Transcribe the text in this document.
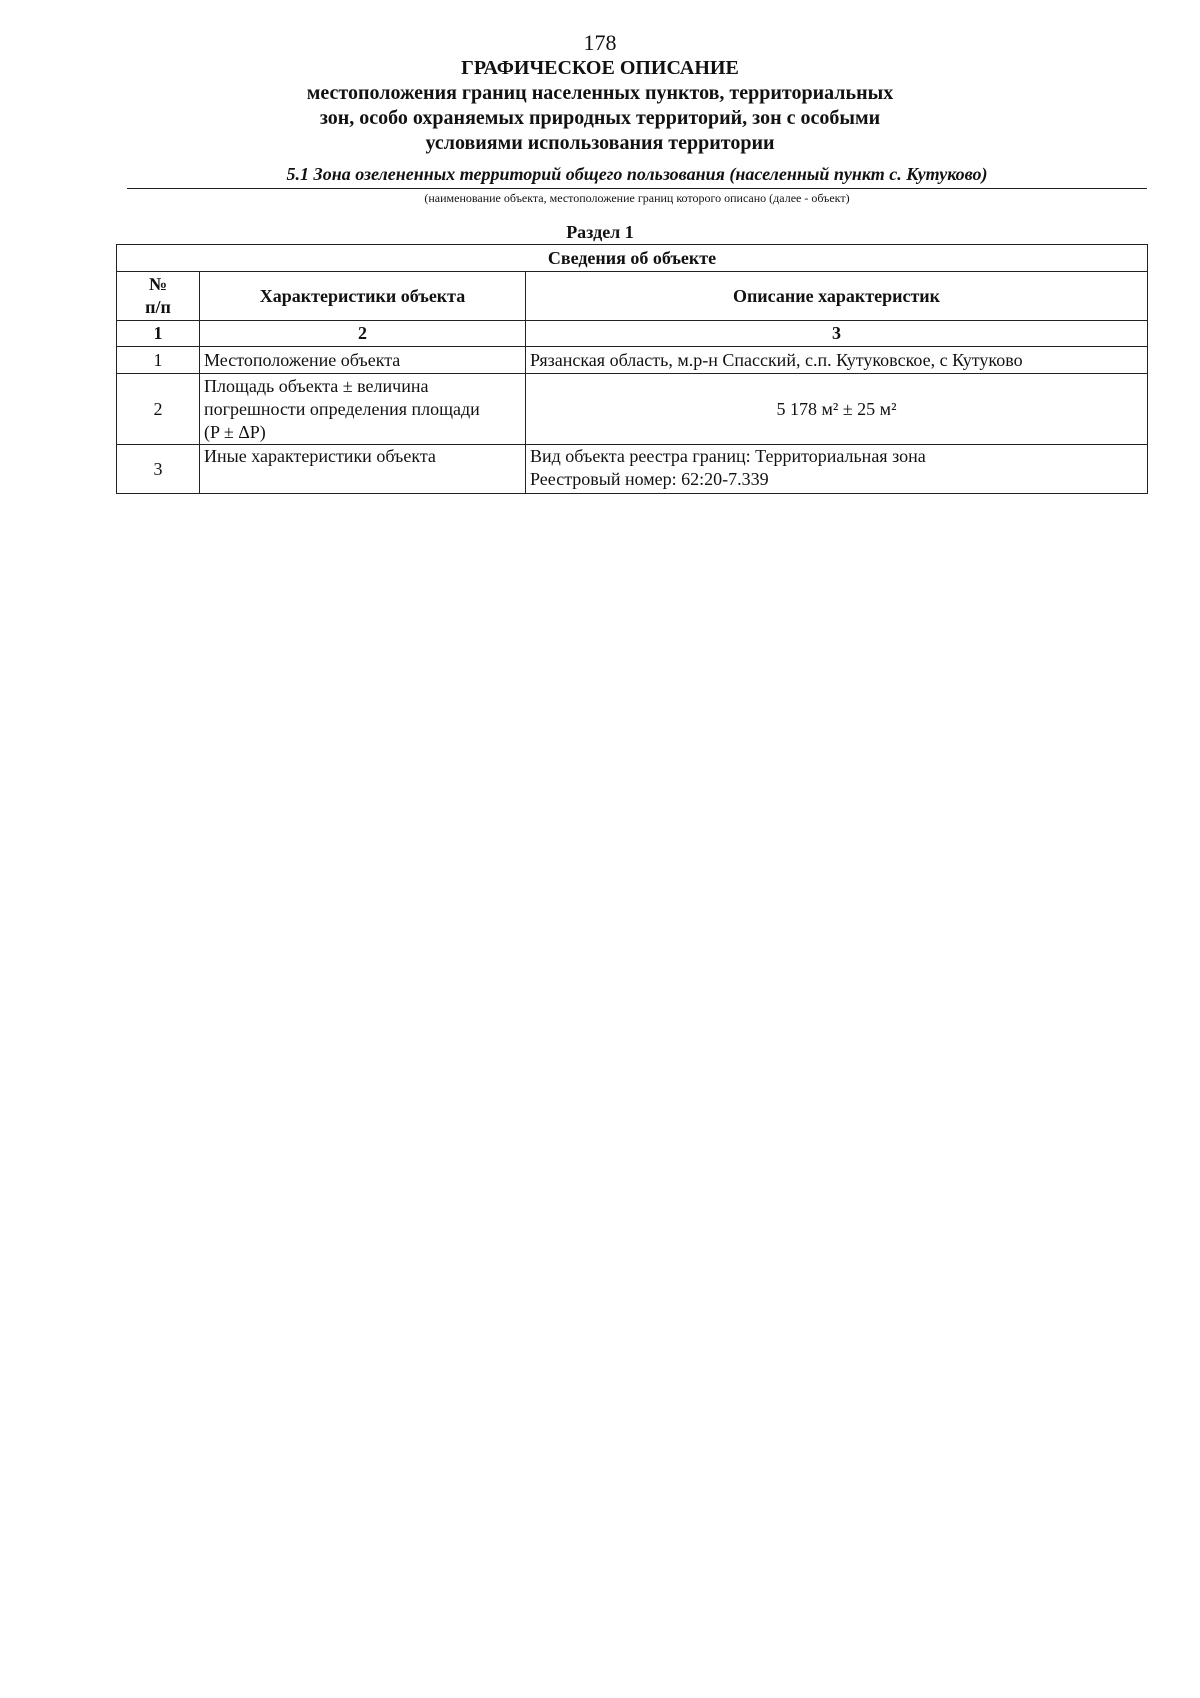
178
ГРАФИЧЕСКОЕ ОПИСАНИЕ
местоположения границ населенных пунктов, территориальных
зон, особо охраняемых природных территорий, зон с особыми
условиями использования территории
5.1 Зона озелененных территорий общего пользования (населенный пункт с. Кутуково)
(наименование объекта, местоположение границ которого описано (далее - объект)
Раздел 1
Сведения об объекте		

№
п/п	Характеристики объекта	Описание характеристик
1	2	3
1	Местоположение объекта	Рязанская область, м.р-н Спасский, с.п. Кутуковское, с Кутуково
2	Площадь объекта ± величина
погрешности определения площади
(P ± ΔP)	5 178 м² ± 25 м²
3	Иные характеристики объекта	Вид объекта реестра границ: Территориальная зона
Реестровый номер: 62:20-7.339
